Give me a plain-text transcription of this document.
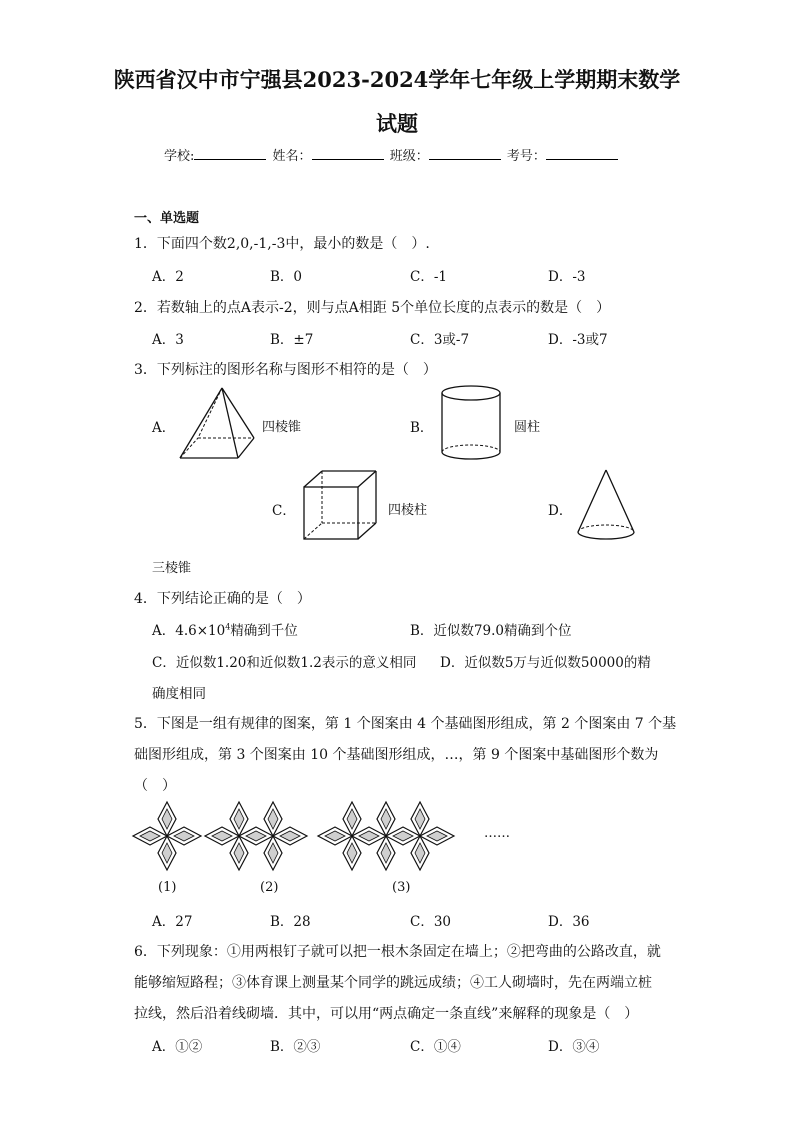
陕西省汉中市宁强县2023-2024学年七年级上学期期末数学
试题
学校:	姓名：	班级：	考号：
一、单选题
1．下面四个数2,0,-1,-3中，最小的数是（　）.
A．2	B．0	C．-1	D．-3
2．若数轴上的点A表示-2，则与点A相距 5个单位长度的点表示的数是（　）
A．3	B．±7	C．3或-7	D．-3或7
3．下列标注的图形名称与图形不相符的是（　）
A．	四棱锥	B．	圆柱
C．	四棱柱	D．
三棱锥
4．下列结论正确的是（　）
A．$4.6\times 10^4$精确到千位	B．近似数79.0精确到个位
C．近似数1.20和近似数1.2表示的意义相同 D．近似数5万与近似数50000的精
确度相同
5．下图是一组有规律的图案，第 1 个图案由 4 个基础图形组成，第 2 个图案由 7 个基
础图形组成，第 3 个图案由 10 个基础图形组成，…，第 9 个图案中基础图形个数为
（　）
……
(1)	(2)	(3)
A．27	B．28	C．30	D．36
6．下列现象：①用两根钉子就可以把一根木条固定在墙上；②把弯曲的公路改直，就
能够缩短路程；③体育课上测量某个同学的跳远成绩；④工人砌墙时，先在两端立桩
拉线，然后沿着线砌墙．其中，可以用“两点确定一条直线”来解释的现象是（　）
A．①②	B．②③	C．①④	D．③④
